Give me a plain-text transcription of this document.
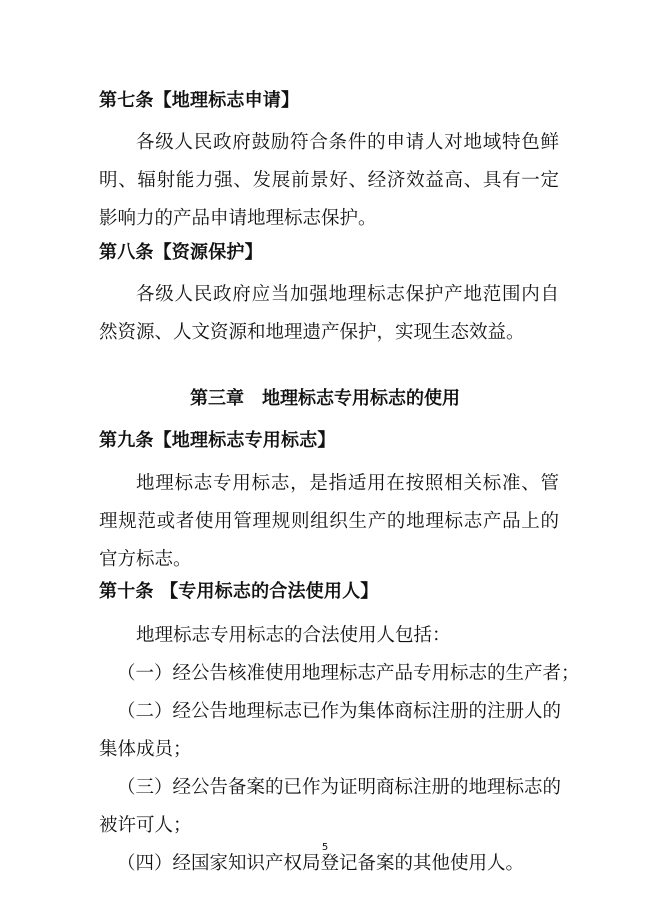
第七条【地理标志申请】

各级人民政府鼓励符合条件的申请人对地域特色鲜明、辐射能力强、发展前景好、经济效益高、具有一定影响力的产品申请地理标志保护。

第八条【资源保护】

各级人民政府应当加强地理标志保护产地范围内自然资源、人文资源和地理遗产保护，实现生态效益。

第三章　地理标志专用标志的使用
第九条【地理标志专用标志】

地理标志专用标志，是指适用在按照相关标准、管理规范或者使用管理规则组织生产的地理标志产品上的官方标志。

第十条 【专用标志的合法使用人】
地理标志专用标志的合法使用人包括：
（一）经公告核准使用地理标志产品专用标志的生产者；
（二）经公告地理标志已作为集体商标注册的注册人的
集体成员；
（三）经公告备案的已作为证明商标注册的地理标志的
被许可人；
（四）经国家知识产权局登记备案的其他使用人。
5
